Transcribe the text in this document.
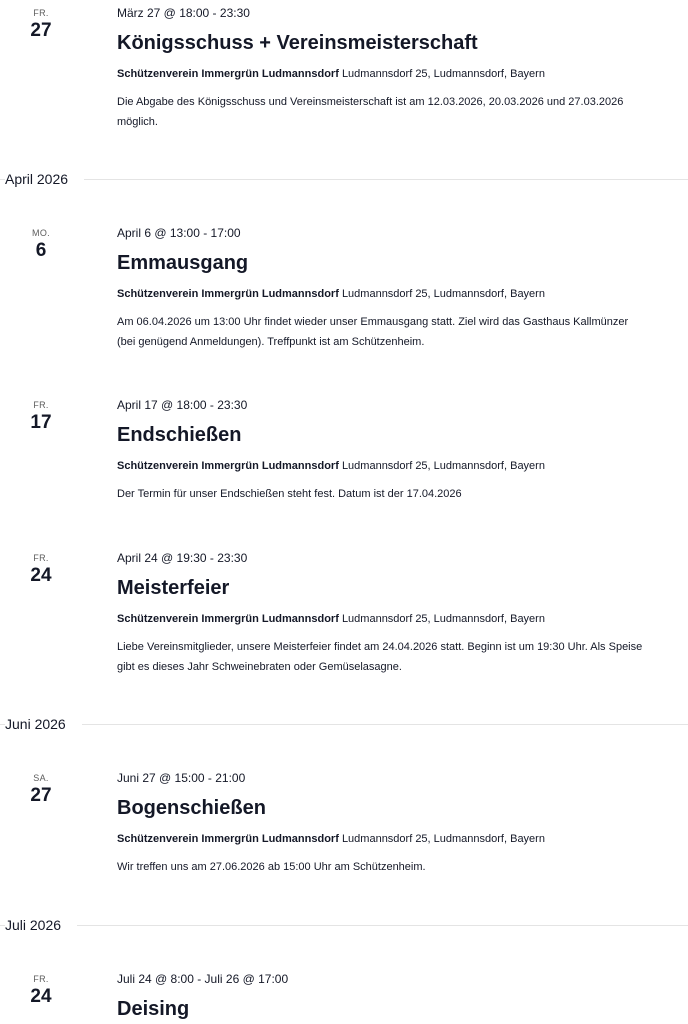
FR.
27
März 27 @ 18:00 - 23:30
Königsschuss + Vereinsmeisterschaft
Schützenverein Immergrün Ludmannsdorf Ludmannsdorf 25, Ludmannsdorf, Bayern
Die Abgabe des Königsschuss und Vereinsmeisterschaft ist am 12.03.2026, 20.03.2026 und 27.03.2026 möglich.
April 2026
MO.
6
April 6 @ 13:00 - 17:00
Emmausgang
Schützenverein Immergrün Ludmannsdorf Ludmannsdorf 25, Ludmannsdorf, Bayern
Am 06.04.2026 um 13:00 Uhr findet wieder unser Emmausgang statt. Ziel wird das Gasthaus Kallmünzer (bei genügend Anmeldungen). Treffpunkt ist am Schützenheim.
FR.
17
April 17 @ 18:00 - 23:30
Endschießen
Schützenverein Immergrün Ludmannsdorf Ludmannsdorf 25, Ludmannsdorf, Bayern
Der Termin für unser Endschießen steht fest. Datum ist der 17.04.2026
FR.
24
April 24 @ 19:30 - 23:30
Meisterfeier
Schützenverein Immergrün Ludmannsdorf Ludmannsdorf 25, Ludmannsdorf, Bayern
Liebe Vereinsmitglieder, unsere Meisterfeier findet am 24.04.2026 statt. Beginn ist um 19:30 Uhr. Als Speise gibt es dieses Jahr Schweinebraten oder Gemüselasagne.
Juni 2026
SA.
27
Juni 27 @ 15:00 - 21:00
Bogenschießen
Schützenverein Immergrün Ludmannsdorf Ludmannsdorf 25, Ludmannsdorf, Bayern
Wir treffen uns am 27.06.2026 ab 15:00 Uhr am Schützenheim.
Juli 2026
FR.
24
Juli 24 @ 8:00 - Juli 26 @ 17:00
Deising
